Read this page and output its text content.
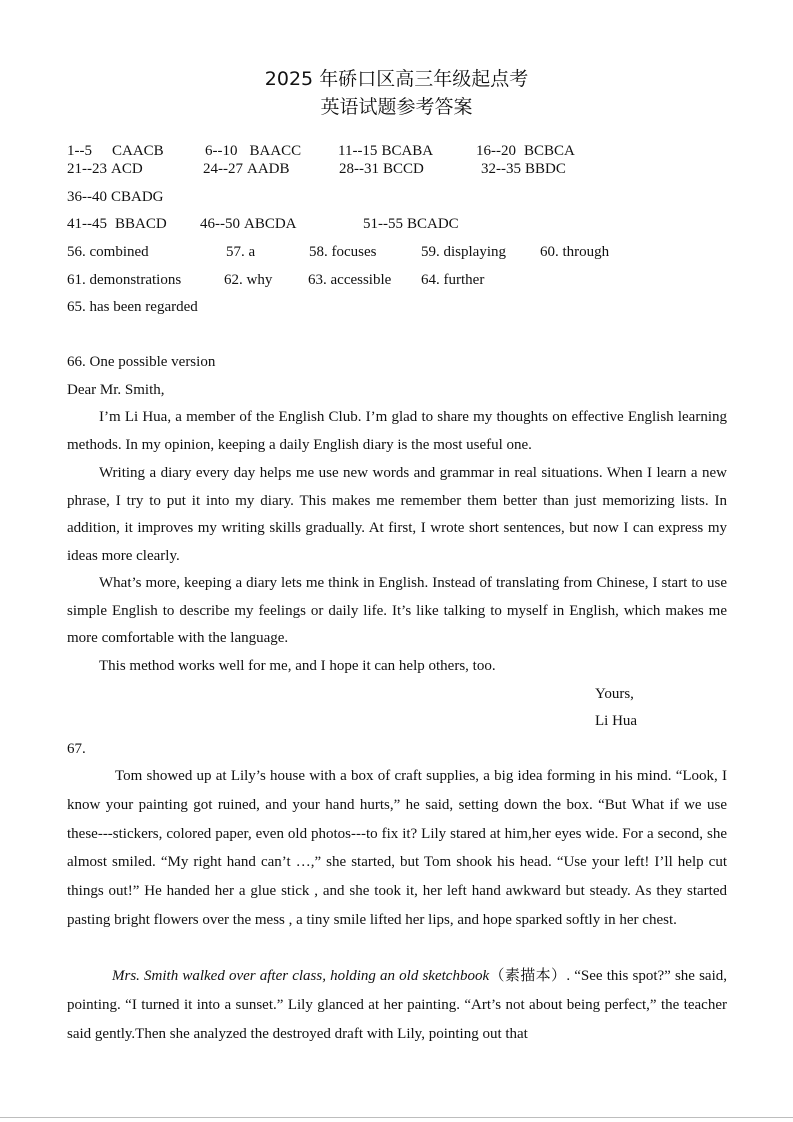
2025 年硚口区高三年级起点考
英语试题参考答案
1--5 CAACB	6--10 BAACC 11--15 BCABA	16--20 BCBCA
21--23 ACD	24--27 AADB	28--31 BCCD	32--35 BBDC
36--40 CBADG
41--45 BBACD 46--50 ABCDA	51--55 BCADC
56. combined	57. a	58. focuses	59. displaying 60. through
61. demonstrations	62. why 63. accessible 64. further
65. has been regarded
66. One possible version
Dear Mr. Smith,
I’m Li Hua, a member of the English Club. I’m glad to share my thoughts on effective English learning methods. In my opinion, keeping a daily English diary is the most useful one.
Writing a diary every day helps me use new words and grammar in real situations. When I learn a new phrase, I try to put it into my diary. This makes me remember them better than just memorizing lists. In addition, it improves my writing skills gradually. At first, I wrote short sentences, but now I can express my ideas more clearly.
What’s more, keeping a diary lets me think in English. Instead of translating from Chinese, I start to use simple English to describe my feelings or daily life. It’s like talking to myself in English, which makes me more comfortable with the language.
This method works well for me, and I hope it can help others, too.
Yours,
Li Hua
67.
Tom showed up at Lily’s house with a box of craft supplies, a big idea forming in his mind. “Look, I know your painting got ruined, and your hand hurts,” he said, setting down the box. “But What if we use these---stickers, colored paper, even old photos---to fix it? Lily stared at him,her eyes wide. For a second, she almost smiled. “My right hand can’t …,” she started, but Tom shook his head. “Use your left! I’ll help cut things out!” He handed her a glue stick , and she took it, her left hand awkward but steady. As they started pasting bright flowers over the mess , a tiny smile lifted her lips, and hope sparked softly in her chest.
Mrs. Smith walked over after class, holding an old sketchbook（素描本）. “See this spot?” she said, pointing. “I turned it into a sunset.” Lily glanced at her painting. “Art’s not about being perfect,” the teacher said gently.Then she analyzed the destroyed draft with Lily, pointing out that
